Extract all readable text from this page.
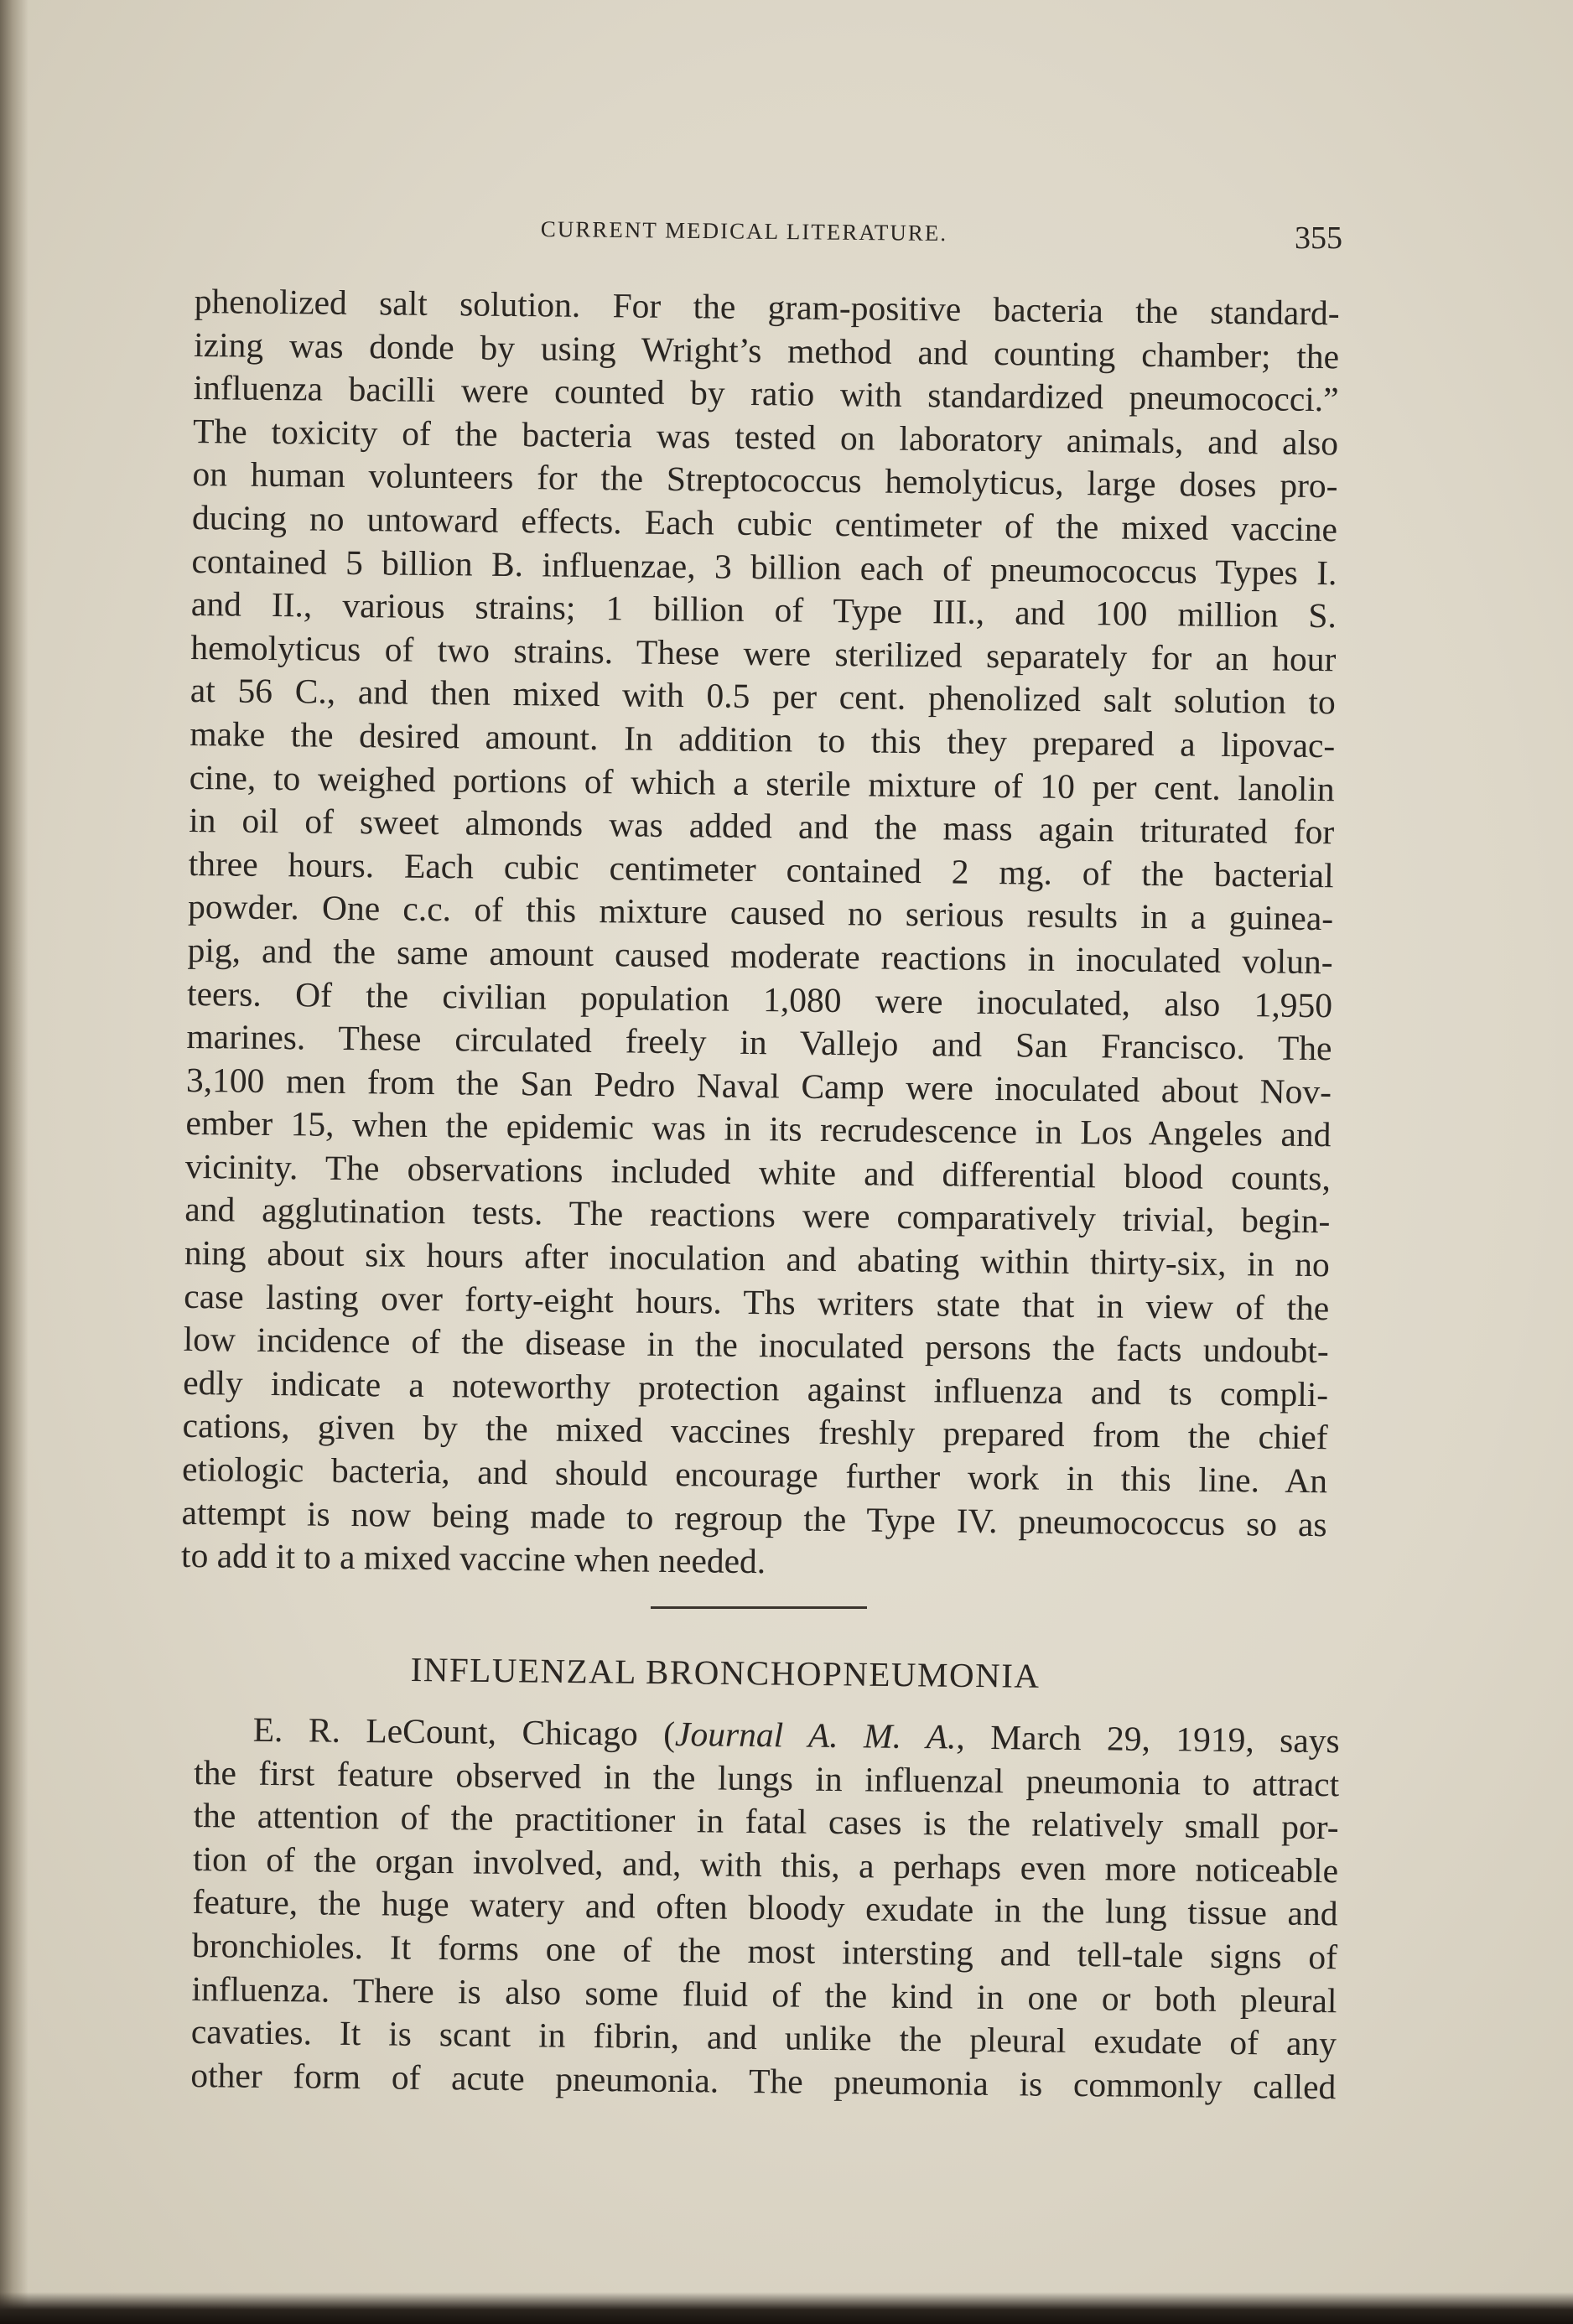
CURRENT MEDICAL LITERATURE.	355
phenolized salt solution. For the gram-positive bacteria the standard-
izing was donde by using Wright’s method and counting chamber; the
influenza bacilli were counted by ratio with standardized pneumococci.”
The toxicity of the bacteria was tested on laboratory animals, and also
on human volunteers for the Streptococcus hemolyticus, large doses pro-
ducing no untoward effects. Each cubic centimeter of the mixed vaccine
contained 5 billion B. influenzae, 3 billion each of pneumococcus Types I.
and II., various strains; 1 billion of Type III., and 100 million S.
hemolyticus of two strains. These were sterilized separately for an hour
at 56 C., and then mixed with 0.5 per cent. phenolized salt solution to
make the desired amount. In addition to this they prepared a lipovac-
cine, to weighed portions of which a sterile mixture of 10 per cent. lanolin
in oil of sweet almonds was added and the mass again triturated for
three hours. Each cubic centimeter contained 2 mg. of the bacterial
powder. One c.c. of this mixture caused no serious results in a guinea-
pig, and the same amount caused moderate reactions in inoculated volun-
teers. Of the civilian population 1,080 were inoculated, also 1,950
marines. These circulated freely in Vallejo and San Francisco. The
3,100 men from the San Pedro Naval Camp were inoculated about Nov-
ember 15, when the epidemic was in its recrudescence in Los Angeles and
vicinity. The observations included white and differential blood counts,
and agglutination tests. The reactions were comparatively trivial, begin-
ning about six hours after inoculation and abating within thirty-six, in no
case lasting over forty-eight hours. Ths writers state that in view of the
low incidence of the disease in the inoculated persons the facts undoubt-
edly indicate a noteworthy protection against influenza and ts compli-
cations, given by the mixed vaccines freshly prepared from the chief
etiologic bacteria, and should encourage further work in this line. An
attempt is now being made to regroup the Type IV. pneumococcus so as
to add it to a mixed vaccine when needed.
INFLUENZAL BRONCHOPNEUMONIA
E. R. LeCount, Chicago (Journal A. M. A., March 29, 1919, says
the first feature observed in the lungs in influenzal pneumonia to attract
the attention of the practitioner in fatal cases is the relatively small por-
tion of the organ involved, and, with this, a perhaps even more noticeable
feature, the huge watery and often bloody exudate in the lung tissue and
bronchioles. It forms one of the most intersting and tell-tale signs of
influenza. There is also some fluid of the kind in one or both pleural
cavaties. It is scant in fibrin, and unlike the pleural exudate of any
other form of acute pneumonia. The pneumonia is commonly called
